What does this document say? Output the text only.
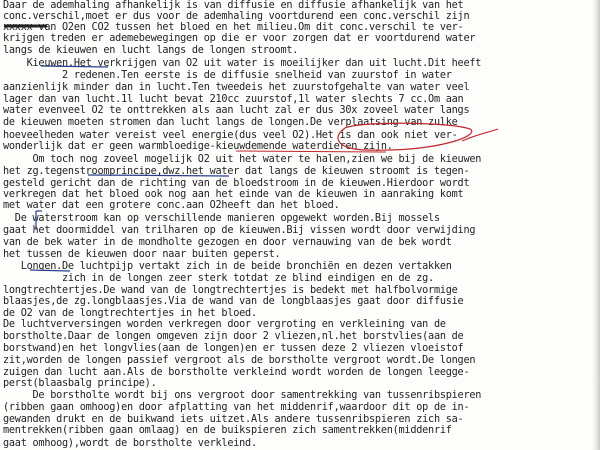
Daar de ademhaling afhankelijk is van diffusie en diffusie afhankelijk van het

conc.verschil,moet er dus voor de ademhaling voortdurend een conc.verschil zijn

xxxxx van O2en CO2 tussen het bloed en het milieu.Om dit conc.verschil te ver-

krijgen treden er ademebewegingen op die er voor zorgen dat er voortdurend water

langs de kieuwen en lucht langs de longen stroomt.

Kieuwen.Het verkrijgen van O2 uit water is moeilijker dan uit lucht.Dit heeft

2 redenen.Ten eerste is de diffusie snelheid van zuurstof in water

aanzienlijk minder dan in lucht.Ten tweedeis het zuurstofgehalte van water veel

lager dan van lucht.1l lucht bevat 210cc zuurstof,1l water slechts 7 cc.Om aan

water evenveel O2 te onttrekken als aan lucht zal er dus 30x zoveel water langs

de kieuwen moeten stromen dan lucht langs de longen.De verplaatsing van zulke

hoeveelheden water vereist veel energie(dus veel O2).Het is dan ook niet ver-

wonderlijk dat er geen warmbloedige-kieuwdemende waterdieren zijn.

Om toch nog zoveel mogelijk O2 uit het water te halen,zien we bij de kieuwen

het zg.tegenstroomprincipe,dwz.het water dat langs de kieuwen stroomt is tegen-

gesteld gericht dan de richting van de bloedstroom in de kieuwen.Hierdoor wordt

verkregen dat het bloed ook nog aan het einde van de kieuwen in aanraking komt

met water dat een grotere conc.aan O2heeft dan het bloed.

De waterstroom kan op verschillende manieren opgewekt worden.Bij mossels

gaat het doormiddel van trilharen op de kieuwen.Bij vissen wordt door verwijding

van de bek water in de mondholte gezogen en door vernauwing van de bek wordt

het tussen de kieuwen door naar buiten geperst.

Longen.De luchtpijp vertakt zich in de beide bronchiën en dezen vertakken

zich in de longen zeer sterk totdat ze blind eindigen en de zg.

longtrechtertjes.De wand van de longtrechtertjes is bedekt met halfbolvormige

blaasjes,de zg.longblaasjes.Via de wand van de longblaasjes gaat door diffusie

de O2 van de longtrechtertjes in het bloed.

De luchtverversingen worden verkregen door vergroting en verkleining van de

borstholte.Daar de longen omgeven zijn door 2 vliezen,nl.het borstvlies(aan de

borstwand)en het longvlies(aan de longen)en er tussen deze 2 vliezen vloeistof

zit,worden de longen passief vergroot als de borstholte vergroot wordt.De longen

zuigen dan lucht aan.Als de borstholte verkleind wordt worden de longen leegge-

perst(blaasbalg principe).

De borstholte wordt bij ons vergroot door samentrekking van tussenribspieren

(ribben gaan omhoog)en door afplatting van het middenrif,waardoor dit op de in-

gewanden drukt en de buikwand iets uitzet.Als andere tussenribspieren zich sa-

mentrekken(ribben gaan omlaag) en de buikspieren zich samentrekken(middenrif

gaat omhoog),wordt de borstholte verkleind.
